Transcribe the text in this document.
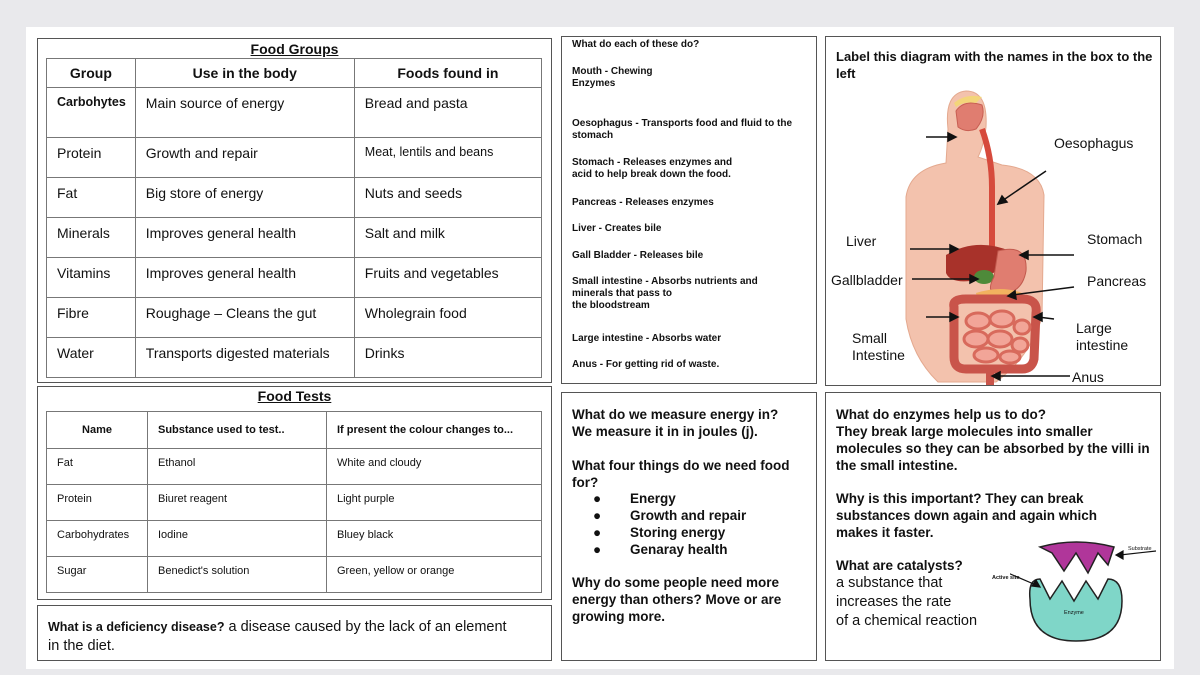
Food Groups
Group	Use in the body	Foods found in
Carbohytes	Main source of energy	Bread and pasta
Protein	Growth and repair	Meat, lentils and beans
Fat	Big store of energy	Nuts and seeds
Minerals	Improves general health	Salt and milk
Vitamins	Improves general health	Fruits and vegetables
Fibre	Roughage – Cleans the gut	Wholegrain food
Water	Transports digested materials	Drinks
Food Tests
Name	Substance used to test..	If present the colour changes to...
Fat	Ethanol	White and cloudy
Protein	Biuret reagent	Light purple
Carbohydrates	Iodine	Bluey black
Sugar	Benedict's solution	Green, yellow or orange
What is a deficiency disease? a disease caused by the lack of an element in the diet.
What do each of these do?
Mouth - Chewing
Enzymes
Oesophagus - Transports food and fluid to the stomach
Stomach - Releases enzymes and
acid to help break down the food.
Pancreas - Releases enzymes
Liver - Creates bile
Gall Bladder - Releases bile
Small intestine - Absorbs nutrients and
minerals that pass to
the bloodstream
Large intestine - Absorbs water
Anus - For getting rid of waste.
Label this diagram with the names in the box to the left
Oesophagus
Liver	Stomach
Gallbladder	Pancreas
Small
Intestine
Large
intestine
Anus
What do we measure energy in?
We measure it in in joules (j).
What four things do we need food for?
● Energy
● Growth and repair
● Storing energy
● Genaray health
Why do some people need more energy than others? Move or are growing more.
What do enzymes help us to do?
They break large molecules into smaller molecules so they can be absorbed by the villi in the small intestine.
Why is this important? They can break substances down again and again which makes it faster.
What are catalysts?
a substance that
increases the rate
of a chemical reaction
Substrate
Active site
Enzyme
